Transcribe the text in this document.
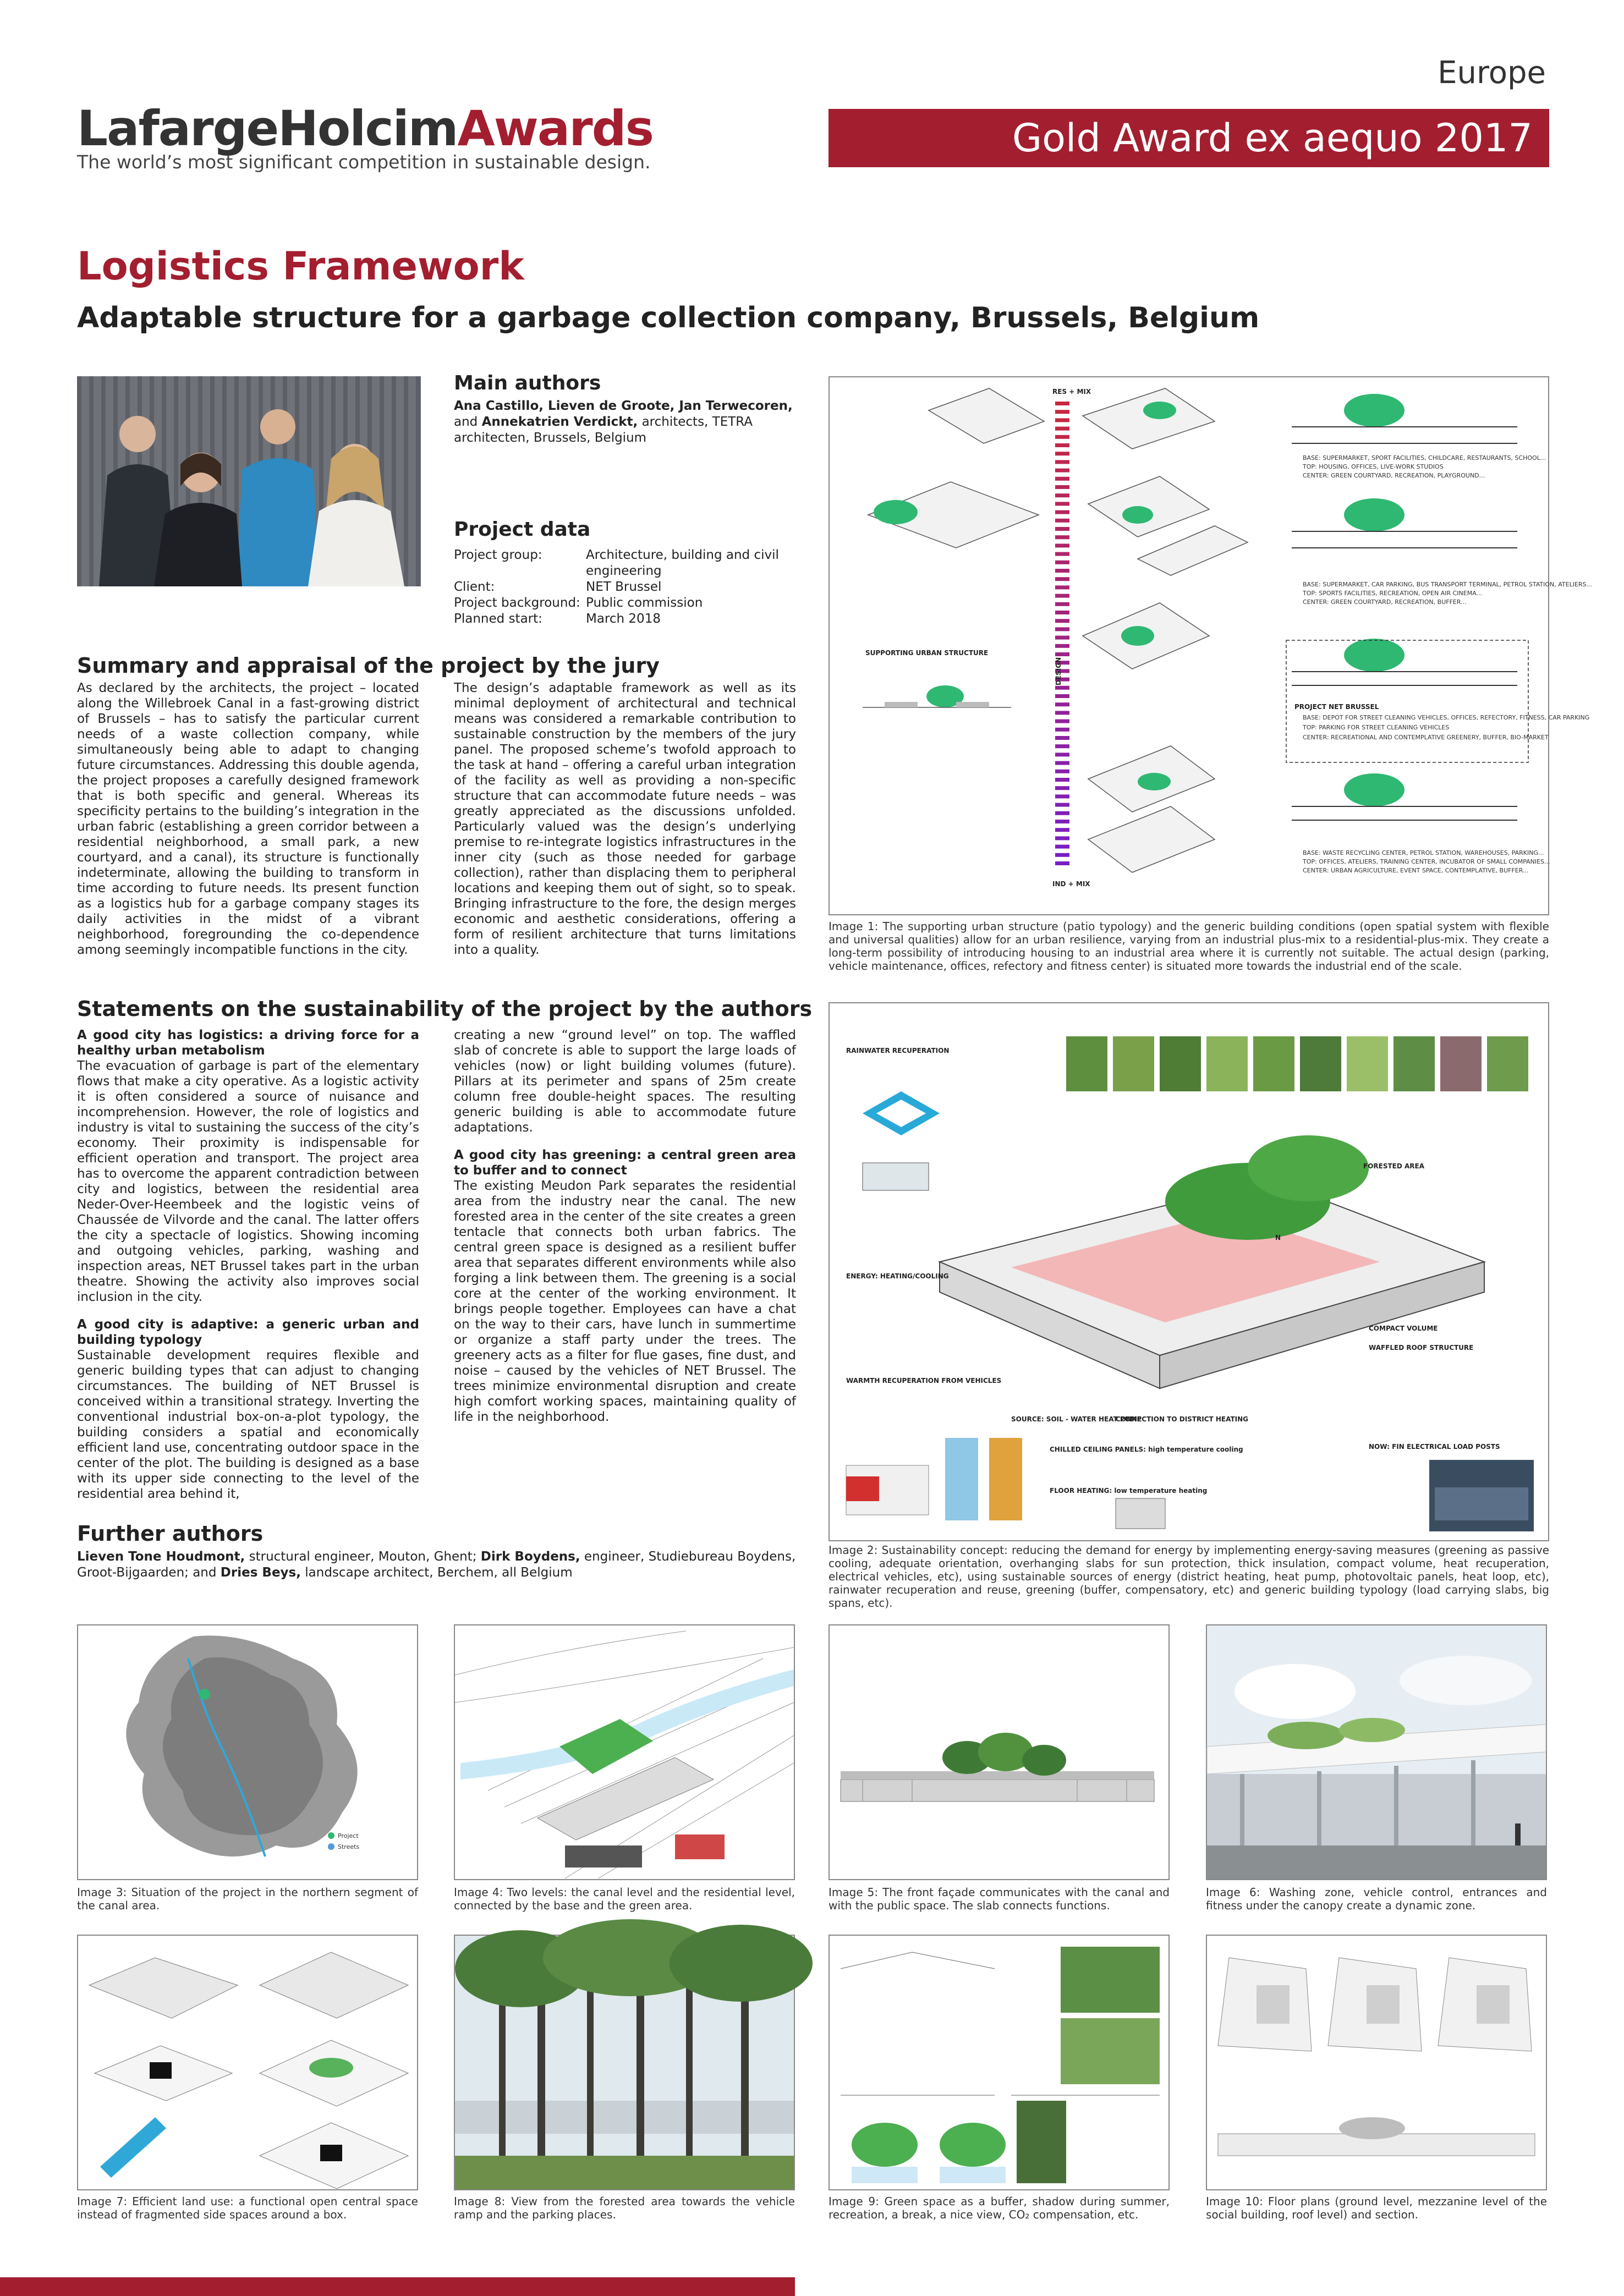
Europe
LafargeHolcimAwards
The world’s most significant competition in sustainable design.
Gold Award ex aequo 2017
Logistics Framework
Adaptable structure for a garbage collection company, Brussels, Belgium
Main authors
Ana Castillo, Lieven de Groote, Jan Terwecoren, and Annekatrien Verdickt, architects, TETRA architecten, Brussels, Belgium
Project data
Project group:	Architecture, building and civil engineering
Client:	NET Brussel
Project background: Public commission
Planned start:	March 2018
Summary and appraisal of the project by the jury
As declared by the architects, the project – located along the Willebroek Canal in a fast-growing district of Brussels – has to satisfy the particular current needs of a waste collection company, while simultaneously being able to adapt to changing future circumstances. Addressing this double agenda, the project proposes a carefully designed framework that is both specific and general. Whereas its specificity pertains to the building’s integration in the urban fabric (establishing a green corridor between a residential neighborhood, a small park, a new courtyard, and a canal), its structure is functionally indeterminate, allowing the building to transform in time according to future needs. Its present function as a logistics hub for a garbage company stages its daily activities in the midst of a vibrant neighborhood, foregrounding the co-dependence among seemingly incompatible functions in the city.
The design’s adaptable framework as well as its minimal deployment of architectural and technical means was considered a remarkable contribution to sustainable construction by the members of the jury panel. The proposed scheme’s twofold approach to the task at hand – offering a careful urban integration of the facility as well as providing a non-specific structure that can accommodate future needs – was greatly appreciated as the discussions unfolded. Particularly valued was the design’s underlying premise to re-integrate logistics infrastructures in the inner city (such as those needed for garbage collection), rather than displacing them to peripheral locations and keeping them out of sight, so to speak. Bringing infrastructure to the fore, the design merges economic and aesthetic considerations, offering a form of resilient architecture that turns limitations into a quality.
Statements on the sustainability of the project by the authors
A good city has logistics: a driving force for a healthy urban metabolism
The evacuation of garbage is part of the elementary flows that make a city operative. As a logistic activity it is often considered a source of nuisance and incomprehension. However, the role of logistics and industry is vital to sustaining the success of the city’s economy. Their proximity is indispensable for efficient operation and transport. The project area has to overcome the apparent contradiction between city and logistics, between the residential area Neder-Over-Heembeek and the logistic veins of Chaussée de Vilvorde and the canal. The latter offers the city a spectacle of logistics. Showing incoming and outgoing vehicles, parking, washing and inspection areas, NET Brussel takes part in the urban theatre. Showing the activity also improves social inclusion in the city.
A good city is adaptive: a generic urban and building typology
Sustainable development requires flexible and generic building types that can adjust to changing circumstances. The building of NET Brussel is conceived within a transitional strategy. Inverting the conventional industrial box-on-a-plot typology, the building considers a spatial and economically efficient land use, concentrating outdoor space in the center of the plot. The building is designed as a base with its upper side connecting to the level of the residential area behind it,
creating a new “ground level” on top. The waffled slab of concrete is able to support the large loads of vehicles (now) or light building volumes (future). Pillars at its perimeter and spans of 25m create column free double-height spaces. The resulting generic building is able to accommodate future adaptations.
A good city has greening: a central green area to buffer and to connect
The existing Meudon Park separates the residential area from the industry near the canal. The new forested area in the center of the site creates a green tentacle that connects both urban fabrics. The central green space is designed as a resilient buffer area that separates different environments while also forging a link between them. The greening is a social core at the center of the working environment. It brings people together. Employees can have a chat on the way to their cars, have lunch in summertime or organize a staff party under the trees. The greenery acts as a filter for flue gases, fine dust, and noise – caused by the vehicles of NET Brussel. The trees minimize environmental disruption and create high comfort working spaces, maintaining quality of life in the neighborhood.
Further authors
Lieven Tone Houdmont, structural engineer, Mouton, Ghent; Dirk Boydens, engineer, Studiebureau Boydens, Groot-Bijgaarden; and Dries Beys, landscape architect, Berchem, all Belgium
RES + MIX
DESIGN
IND + MIX
SUPPORTING URBAN STRUCTURE
BASE: SUPERMARKET, SPORT FACILITIES, CHILDCARE, RESTAURANTS, SCHOOL...
TOP: HOUSING, OFFICES, LIVE-WORK STUDIOS
CENTER: GREEN COURTYARD, RECREATION, PLAYGROUND...
BASE: SUPERMARKET, CAR PARKING, BUS TRANSPORT TERMINAL, PETROL STATION, ATELIERS...
TOP: SPORTS FACILITIES, RECREATION, OPEN AIR CINEMA...
CENTER: GREEN COURTYARD, RECREATION, BUFFER...
PROJECT NET BRUSSEL
BASE: DEPOT FOR STREET CLEANING VEHICLES, OFFICES, REFECTORY, FITNESS, CAR PARKING
TOP: PARKING FOR STREET CLEANING VEHICLES
CENTER: RECREATIONAL AND CONTEMPLATIVE GREENERY, BUFFER, BIO-MARKET
BASE: WASTE RECYCLING CENTER, PETROL STATION, WAREHOUSES, PARKING...
TOP: OFFICES, ATELIERS, TRAINING CENTER, INCUBATOR OF SMALL COMPANIES...
CENTER: URBAN AGRICULTURE, EVENT SPACE, CONTEMPLATIVE, BUFFER...
Image 1: The supporting urban structure (patio typology) and the generic building conditions (open spatial system with flexible and universal qualities) allow for an urban resilience, varying from an industrial plus-mix to a residential-plus-mix. They create a long-term possibility of introducing housing to an industrial area where it is currently not suitable. The actual design (parking, vehicle maintenance, offices, refectory and fitness center) is situated more towards the industrial end of the scale.
RAINWATER RECUPERATION
ENERGY: HEATING/COOLING
FORESTED AREA
COMPACT VOLUME
WAFFLED ROOF STRUCTURE
WARMTH RECUPERATION FROM VEHICLES
SOURCE: SOIL - WATER HEAT PUMP
CONNECTION TO DISTRICT HEATING
CHILLED CEILING PANELS: high temperature cooling
FLOOR HEATING: low temperature heating
NOW: FIN ELECTRICAL LOAD POSTS
N
Image 2: Sustainability concept: reducing the demand for energy by implementing energy-saving measures (greening as passive cooling, adequate orientation, overhanging slabs for sun protection, thick insulation, compact volume, heat recuperation, electrical vehicles, etc), using sustainable sources of energy (district heating, heat pump, photovoltaic panels, heat loop, etc), rainwater recuperation and reuse, greening (buffer, compensatory, etc) and generic building typology (load carrying slabs, big spans, etc).
Project
Streets
Image 3: Situation of the project in the northern segment of the canal area.
Image 4: Two levels: the canal level and the residential level, connected by the base and the green area.
Image 5: The front façade communicates with the canal and with the public space. The slab connects functions.
Image 6: Washing zone, vehicle control, entrances and fitness under the canopy create a dynamic zone.
Image 7: Efficient land use: a functional open central space instead of fragmented side spaces around a box.
Image 8: View from the forested area towards the vehicle ramp and the parking places.
Image 9: Green space as a buffer, shadow during summer, recreation, a break, a nice view, CO₂ compensation, etc.
Image 10: Floor plans (ground level, mezzanine level of the social building, roof level) and section.
